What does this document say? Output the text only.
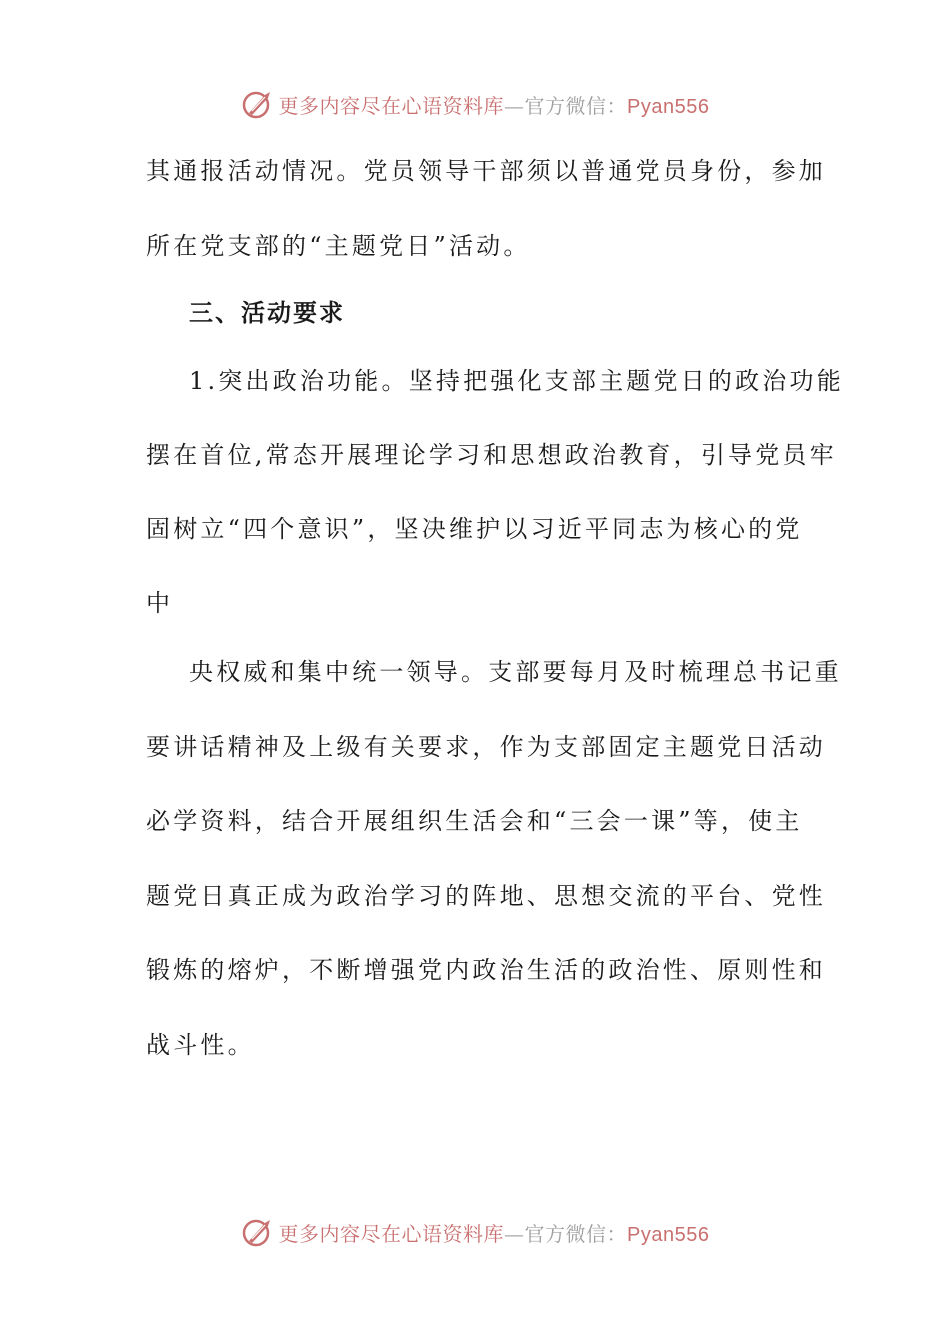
更多内容尽在心语资料库—官方微信：Pyan556
其通报活动情况。党员领导干部须以普通党员身份，参加
所在党支部的“主题党日”活动。
三、活动要求
1.突出政治功能。坚持把强化支部主题党日的政治功能
摆在首位,常态开展理论学习和思想政治教育，引导党员牢
固树立“四个意识”，坚决维护以习近平同志为核心的党
中
央权威和集中统一领导。支部要每月及时梳理总书记重
要讲话精神及上级有关要求，作为支部固定主题党日活动
必学资料，结合开展组织生活会和“三会一课”等，使主
题党日真正成为政治学习的阵地、思想交流的平台、党性
锻炼的熔炉，不断增强党内政治生活的政治性、原则性和
战斗性。
更多内容尽在心语资料库—官方微信：Pyan556
